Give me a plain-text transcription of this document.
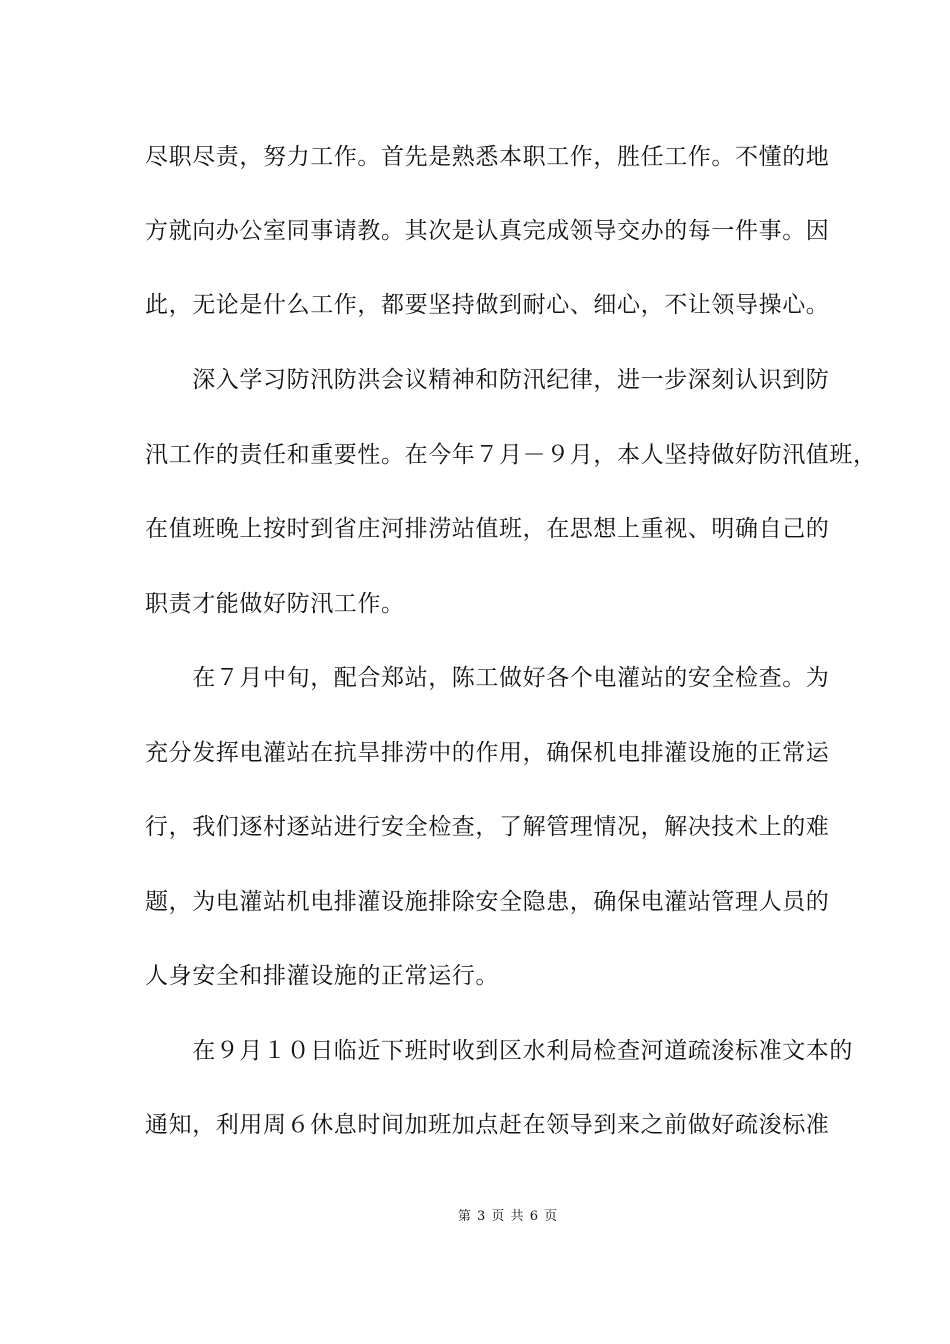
尽职尽责，努力工作。首先是熟悉本职工作，胜任工作。不懂的地
方就向办公室同事请教。其次是认真完成领导交办的每一件事。因
此，无论是什么工作，都要坚持做到耐心、细心，不让领导操心。
　　深入学习防汛防洪会议精神和防汛纪律，进一步深刻认识到防
汛工作的责任和重要性。在今年７月－９月，本人坚持做好防汛值班，
在值班晚上按时到省庄河排涝站值班，在思想上重视、明确自己的
职责才能做好防汛工作。
　　在７月中旬，配合郑站，陈工做好各个电灌站的安全检查。为
充分发挥电灌站在抗旱排涝中的作用，确保机电排灌设施的正常运
行，我们逐村逐站进行安全检查，了解管理情况，解决技术上的难
题，为电灌站机电排灌设施排除安全隐患，确保电灌站管理人员的
人身安全和排灌设施的正常运行。
　　在９月１０日临近下班时收到区水利局检查河道疏浚标准文本的
通知，利用周６休息时间加班加点赶在领导到来之前做好疏浚标准
第 3 页 共 6 页
